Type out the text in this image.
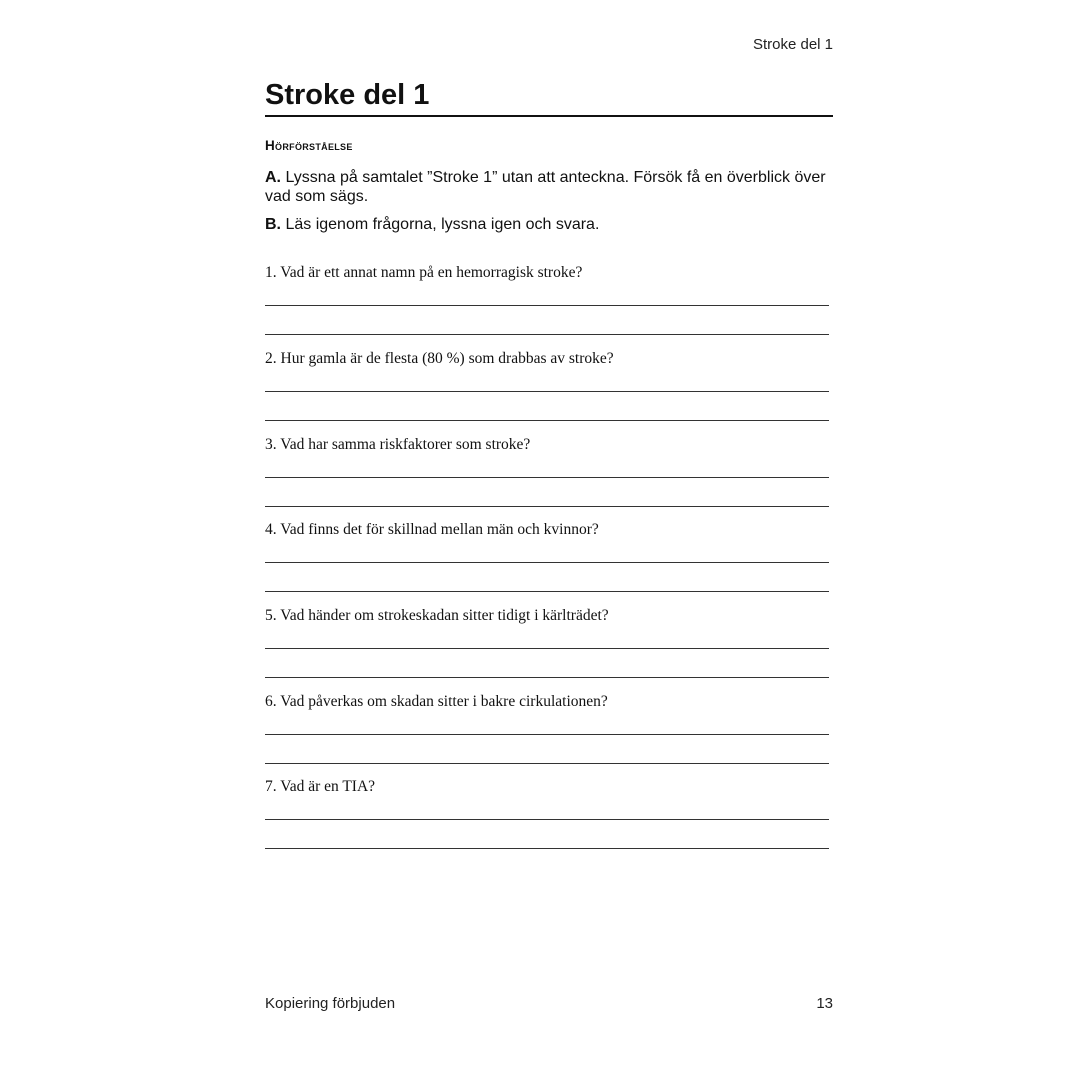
Stroke del 1
Stroke del 1
Hörförståelse
A. Lyssna på samtalet ”Stroke 1” utan att anteckna. Försök få en överblick över vad som sägs.
B. Läs igenom frågorna, lyssna igen och svara.
1. Vad är ett annat namn på en hemorragisk stroke?
2. Hur gamla är de flesta (80 %) som drabbas av stroke?
3. Vad har samma riskfaktorer som stroke?
4. Vad finns det för skillnad mellan män och kvinnor?
5. Vad händer om strokeskadan sitter tidigt i kärlträdet?
6. Vad påverkas om skadan sitter i bakre cirkulationen?
7. Vad är en TIA?
Kopiering förbjuden	13
